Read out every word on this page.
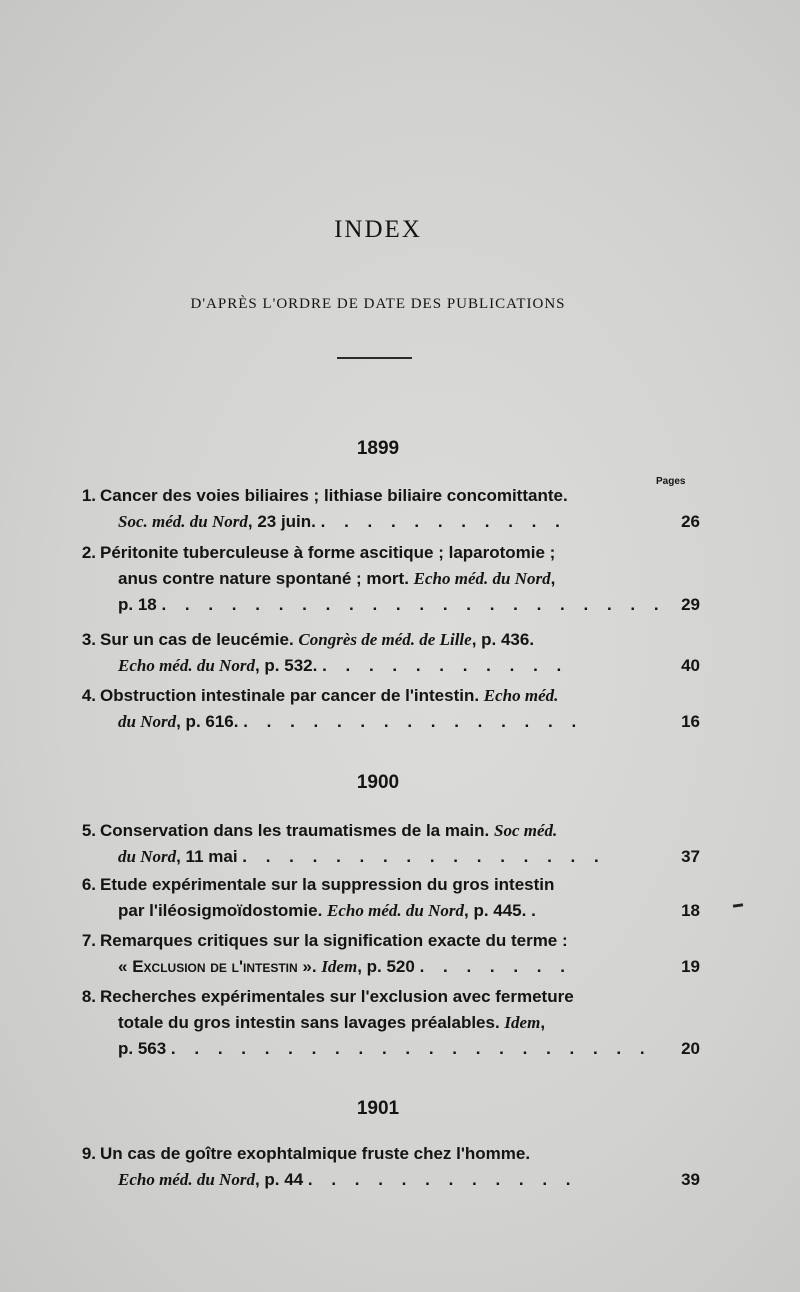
INDEX
D'APRÈS L'ORDRE DE DATE DES PUBLICATIONS
Pages
1899
1. Cancer des voies biliaires ; lithiase biliaire concomittante.
Soc. méd. du Nord, 23 juin. . . . . . . . . . . .	26
2. Péritonite tuberculeuse à forme ascitique ; laparotomie ;
anus contre nature spontané ; mort. Echo méd. du Nord,
p. 18 . . . . . . . . . . . . . . . . . . . . . . 29
3. Sur un cas de leucémie. Congrès de méd. de Lille, p. 436.
Echo méd. du Nord, p. 532. . . . . . . . . . . .	40
4. Obstruction intestinale par cancer de l'intestin. Echo méd.
du Nord, p. 616. . . . . . . . . . . . . . . .	16
1900
5. Conservation dans les traumatismes de la main. Soc méd.
du Nord, 11 mai . . . . . . . . . . . . . . . .	37
6. Etude expérimentale sur la suppression du gros intestin
par l'iléosigmoïdostomie. Echo méd. du Nord, p. 445. .	18
7. Remarques critiques sur la signification exacte du terme :
« Exclusion de l'intestin ». Idem, p. 520 . . . . . . .	19
8. Recherches expérimentales sur l'exclusion avec fermeture
totale du gros intestin sans lavages préalables. Idem,
p. 563 . . . . . . . . . . . . . . . . . . . . .	20
1901
9. Un cas de goître exophtalmique fruste chez l'homme.
Echo méd. du Nord, p. 44 . . . . . . . . . . . .	39
